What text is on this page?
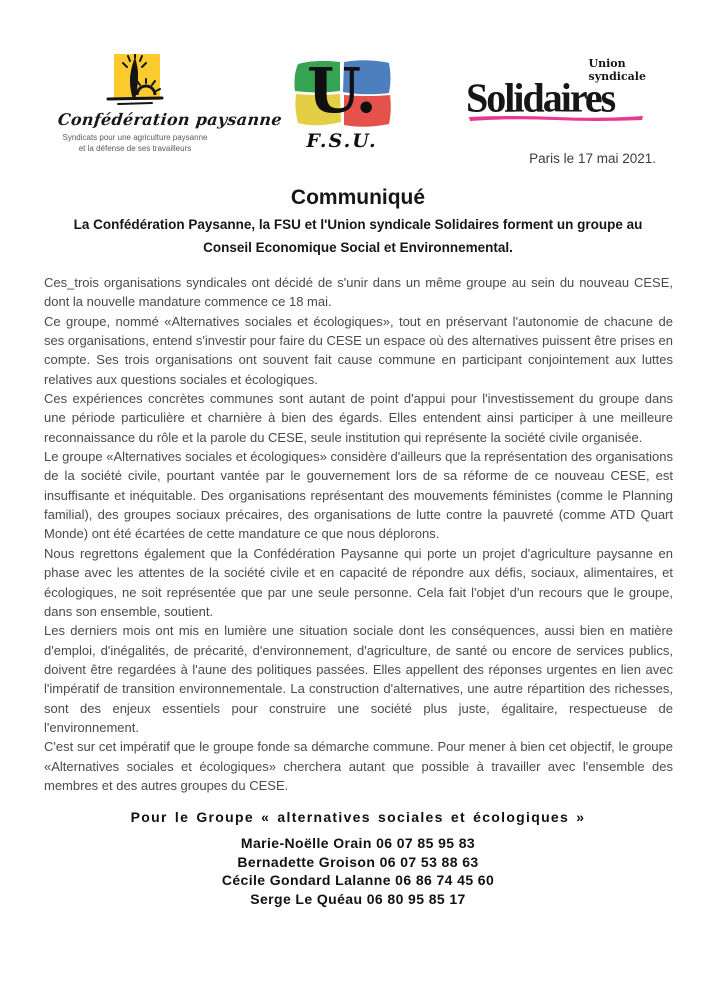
Confédération paysanne
Syndicats pour une agriculture paysanne
et la défense de ses travailleurs
U.
F.S.U.
Union
syndicale
Solidaires
Paris le 17 mai 2021.
Communiqué
La Confédération Paysanne, la FSU et l'Union syndicale Solidaires forment un groupe au
Conseil Economique Social et Environnemental.

Ces_trois organisations syndicales ont décidé de s'unir dans un même groupe au sein du nouveau CESE, dont la nouvelle mandature commence ce 18 mai.

Ce groupe, nommé «Alternatives sociales et écologiques», tout en préservant l'autonomie de chacune de ses organisations, entend s'investir pour faire du CESE un espace où des alternatives puissent être prises en compte. Ses trois organisations ont souvent fait cause commune en participant conjointement aux luttes relatives aux questions sociales et écologiques.

Ces expériences concrètes communes sont autant de point d'appui pour l'investissement du groupe dans une période particulière et charnière à bien des égards. Elles entendent ainsi participer à une meilleure reconnaissance du rôle et la parole du CESE, seule institution qui représente la société civile organisée.

Le groupe «Alternatives sociales et écologiques» considère d'ailleurs que la représentation des organisations de la société civile, pourtant vantée par le gouvernement lors de sa réforme de ce nouveau CESE, est insuffisante et inéquitable. Des organisations représentant des mouvements féministes (comme le Planning familial), des groupes sociaux précaires, des organisations de lutte contre la pauvreté (comme ATD Quart Monde) ont été écartées de cette mandature ce que nous déplorons.

Nous regrettons également que la Confédération Paysanne qui porte un projet d'agriculture paysanne en phase avec les attentes de la société civile et en capacité de répondre aux défis, sociaux, alimentaires, et écologiques, ne soit représentée que par une seule personne. Cela fait l'objet d'un recours que le groupe, dans son ensemble, soutient.

Les derniers mois ont mis en lumière une situation sociale dont les conséquences, aussi bien en matière d'emploi, d'inégalités, de précarité, d'environnement, d'agriculture, de santé ou encore de services publics, doivent être regardées à l'aune des politiques passées. Elles appellent des réponses urgentes en lien avec l'impératif de transition environnementale. La construction d'alternatives, une autre répartition des richesses, sont des enjeux essentiels pour construire une société plus juste, égalitaire, respectueuse de l'environnement.

C'est sur cet impératif que le groupe fonde sa démarche commune. Pour mener à bien cet objectif, le groupe «Alternatives sociales et écologiques» cherchera autant que possible à travailler avec l'ensemble des membres et des autres groupes du CESE.

Pour le Groupe « alternatives sociales et écologiques »
Marie-Noëlle Orain 06 07 85 95 83
Bernadette Groison 06 07 53 88 63
Cécile Gondard Lalanne 06 86 74 45 60
Serge Le Quéau 06 80 95 85 17
